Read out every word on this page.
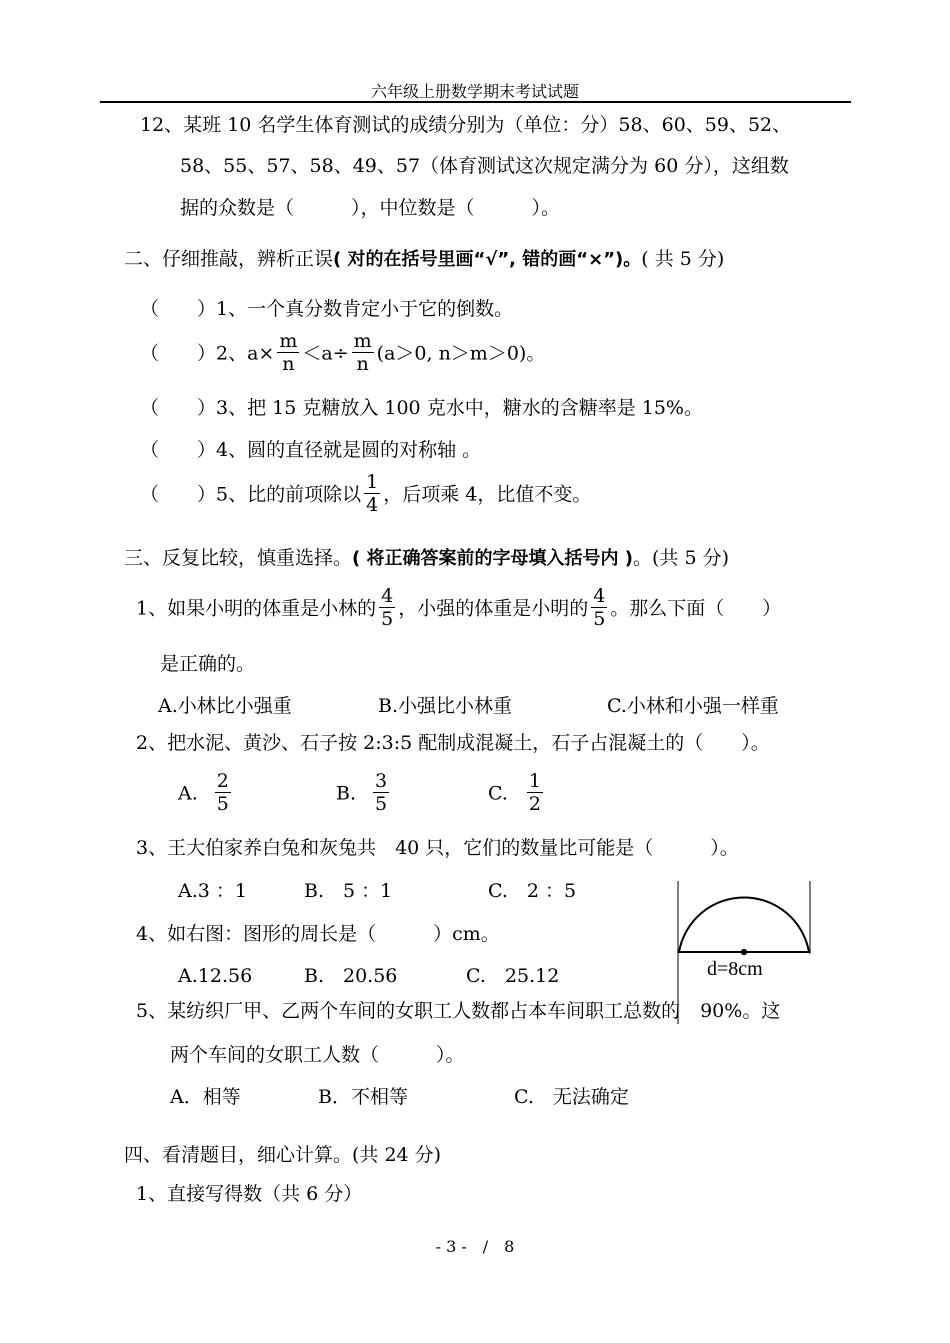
六年级上册数学期末考试试题
12、某班 10 名学生体育测试的成绩分别为（单位：分）58、60、59、52、
58、55、57、58、49、57（体育测试这次规定满分为 60 分），这组数
据的众数是（　　　），中位数是（　　　）。
二、仔细推敲，辨析正误( 对的在括号里画“√”, 错的画“×”)。( 共 5 分)
（　　）1、一个真分数肯定小于它的倒数。
（　　）2、$a\times \frac{m}{n} <a\div \frac{m}{n} (a>0$, n＞m＞0)。
（　　）3、把 15 克糖放入 100 克水中，糖水的含糖率是 15%。
（　　）4、圆的直径就是圆的对称轴 。
（　　）5、比的前项除以 $\frac{1}{4}$ ，后项乘 4，比值不变。
三、反复比较，慎重选择。( 将正确答案前的字母填入括号内 )。(共 5 分)
1、如果小明的体重是小林的 $\frac{4}{5}$ ，小强的体重是小明的 $\frac{4}{5}$ 。那么下面（　　）
是正确的。
A.小林比小强重	B.小强比小林重	C.小林和小强一样重
2、把水泥、黄沙、石子按 2:3:5 配制成混凝土，石子占混凝土的（　　）。
A. $\frac{2}{5}$	B. $\frac{3}{5}$	C. $\frac{1}{2}$
3、王大伯家养白兔和灰兔共　40 只，它们的数量比可能是（　　　）。
A.3 ：1	B.　5 ：1	C.　2 ：5
4、如右图：图形的周长是（　　　）cm。
A.12.56	B.　20.56	C.　25.12	d=8cm
5、某纺织厂甲、乙两个车间的女职工人数都占本车间职工总数的 90%。这
两个车间的女职工人数（　　　）。
A．相等	B．不相等	C.　无法确定
四、看清题目，细心计算。(共 24 分)
1、直接写得数（共 6 分）
- 3 -　/　8
